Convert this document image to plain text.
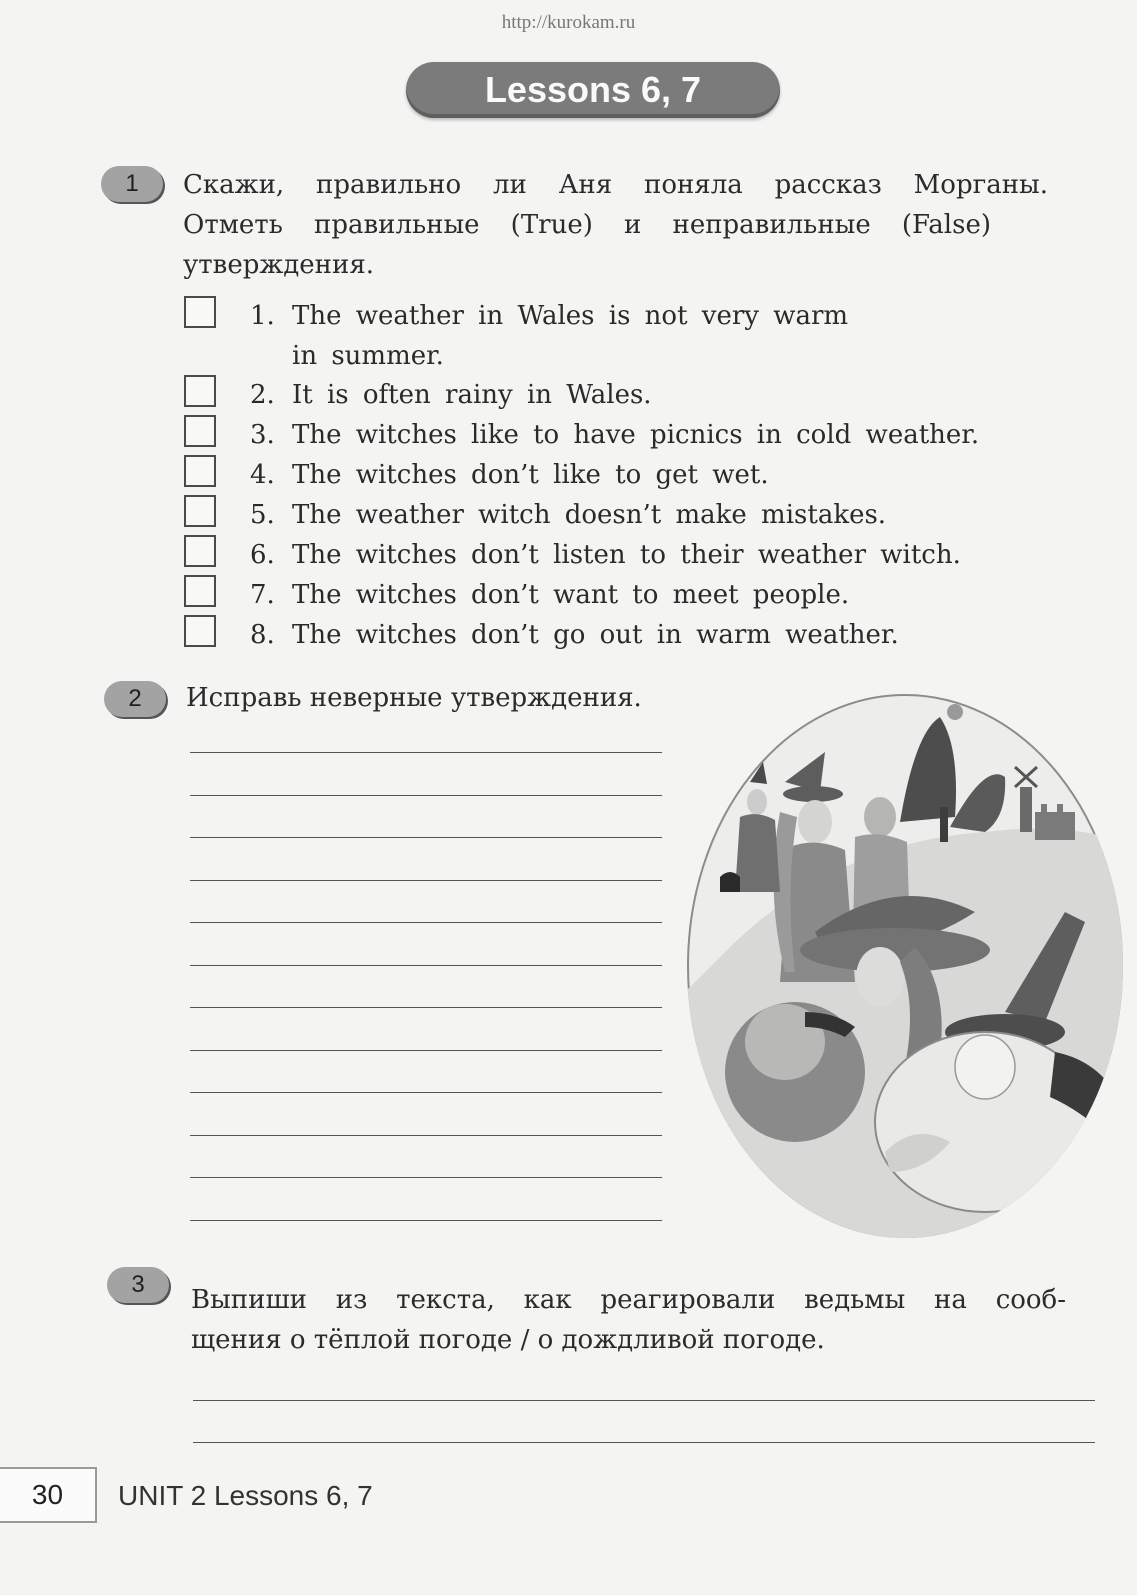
http://kurokam.ru
Lessons 6, 7
1	Скажи, правильно ли Аня поняла рассказ Морганы.
Отметь правильные (True) и неправильные (False)
утверждения.
1. The weather in Wales is not very warm
in summer.
2. It is often rainy in Wales.
3. The witches like to have picnics in cold weather.
4. The witches don’t like to get wet.
5. The weather witch doesn’t make mistakes.
6. The witches don’t listen to their weather witch.
7. The witches don’t want to meet people.
8. The witches don’t go out in warm weather.
2	Исправь неверные утверждения.
3
Выпиши из текста, как реагировали ведьмы на сооб-
щения о тёплой погоде / о дождливой погоде.
30	UNIT 2 Lessons 6, 7
